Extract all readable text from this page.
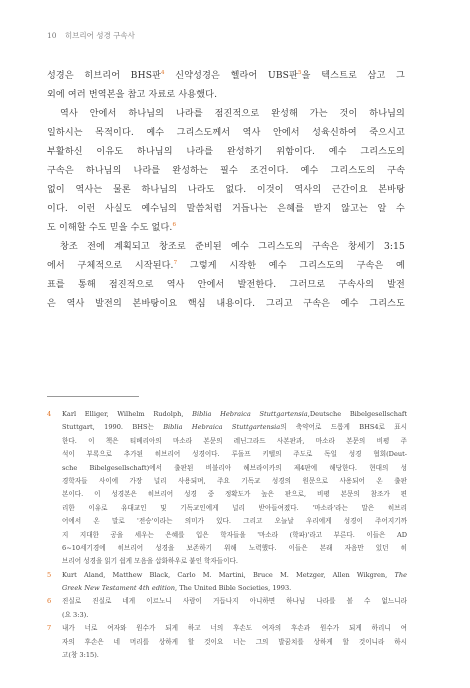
10 히브리어 성경 구속사
성경은 히브리어 BHS판$^4$ 신약성경은 헬라어 UBS판$^5$을 텍스트로 삼고 그
외에 여러 번역본을 참고 자료로 사용했다.
역사 안에서 하나님의 나라를 점진적으로 완성해 가는 것이 하나님의
일하시는 목적이다. 예수 그리스도께서 역사 안에서 성육신하여 죽으시고
부활하신 이유도 하나님의 나라를 완성하기 위함이다. 예수 그리스도의
구속은 하나님의 나라를 완성하는 필수 조건이다. 예수 그리스도의 구속
없이 역사는 물론 하나님의 나라도 없다. 이것이 역사의 근간이요 본바탕
이다. 이런 사실도 예수님의 말씀처럼 거듭나는 은혜를 받지 않고는 알 수
도 이해할 수도 믿을 수도 없다.$^6$
창조 전에 계획되고 창조로 준비된 예수 그리스도의 구속은 창세기 3:15
에서 구체적으로 시작된다.$^7$ 그렇게 시작한 예수 그리스도의 구속은 예
표를 통해 점진적으로 역사 안에서 발전한다. 그러므로 구속사의 발전
은 역사 발전의 본바탕이요 핵심 내용이다. 그리고 구속은 예수 그리스도
4 Karl Elliger, Wilhelm Rudolph, Biblia Hebraica Stuttgartensia,Deutsche Bibelgesellschaft
Stuttgart, 1990. BHS는 Biblia Hebraica Stuttgartensia의 축약어로 드롭게 BHS4로 표시
한다. 이 책은 티베리아의 마소라 본문의 레닌그라드 사본판과, 마소라 본문의 비평 주
석이 부록으로 추가된 히브리어 성경이다. 루돌프 키텔의 주도로 독일 성경 협회(Deut-
sche Bibelgesellschaft)에서 출판된 비블리아 헤브라이카의 제4판에 해당한다. 현대의 성
경학자들 사이에 가장 널리 사용되며, 주요 기독교 성경의 원문으로 사용되어 온 출판
본이다. 이 성경본은 히브리어 성경 중 정확도가 높은 판으로, 비평 본문의 참조가 편
리한 이유로 유대교인 및 기독교인에게 널리 받아들여졌다. '마소라'라는 말은 히브리
어에서 온 말로 '전승'이라는 의미가 있다. 그리고 오늘날 우리에게 성경이 주어지기까
지 지대한 공을 세우는 은혜를 입은 학자들을 '마소라 (학파)'라고 부른다. 이들은 AD
6~10세기경에 히브리어 성경을 보존하기 위해 노력했다. 이들은 본래 자음만 있던 히
브리어 성경을 읽기 쉽게 모음을 삽화하우로 붙인 학자들이다.
5 Kurt Aland, Matthew Black, Carlo M. Martini, Bruce M. Metzger, Allen Wikgren, The
Greek New Testament 4th edition, The United Bible Societies, 1993.
6 진실로 진실로 네게 이르노니 사람이 거듭나지 아니하면 하나님 나라를 볼 수 없느니라
(요 3:3).
7 내가 너로 여자와 원수가 되게 하고 너의 후손도 여자의 후손과 원수가 되게 하리니 여
자의 후손은 네 머리를 상하게 할 것이요 너는 그의 발꿈치를 상하게 할 것이니라 하시
고(창 3:15).
